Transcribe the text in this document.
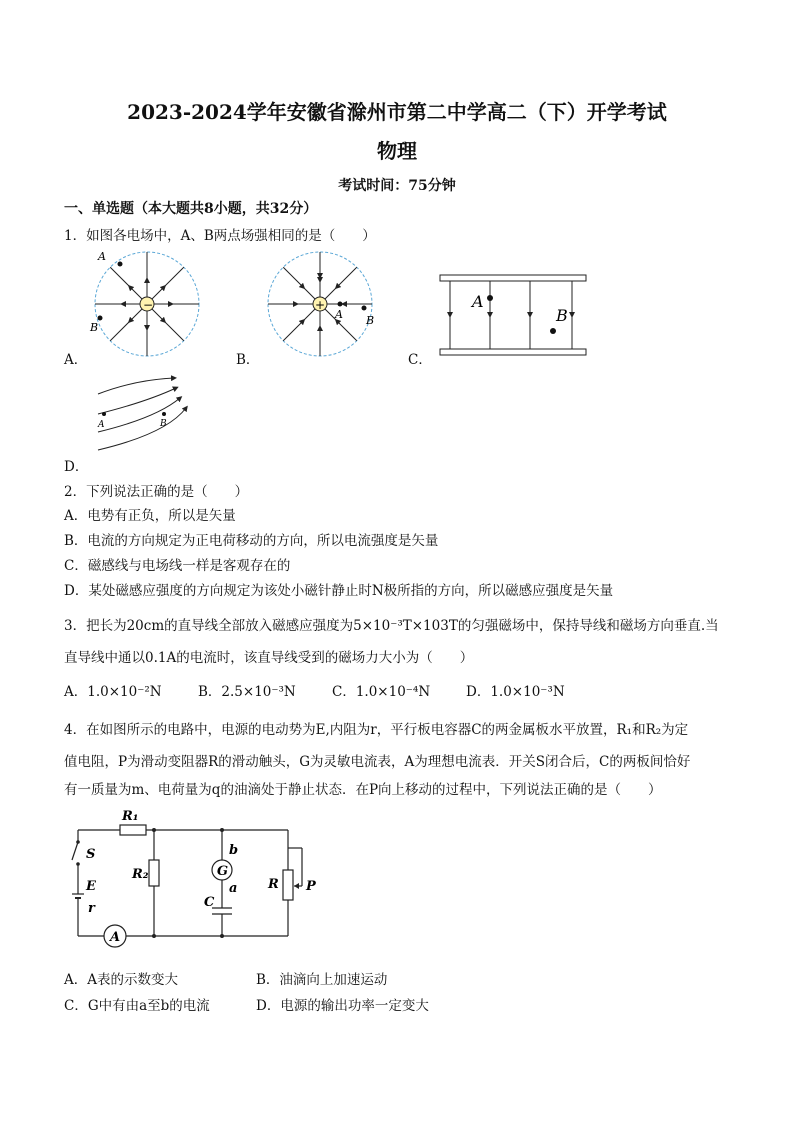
2023-2024学年安徽省滁州市第二中学高二（下）开学考试
物理
考试时间：75分钟
一、单选题（本大题共8小题，共32分）
1．如图各电场中，A、B两点场强相同的是（　　）
−
A
B
A．
+
A B
B．
A
B
C．
A	B
D．
2．下列说法正确的是（　　）
A．电势有正负，所以是矢量
B．电流的方向规定为正电荷移动的方向，所以电流强度是矢量
C．磁感线与电场线一样是客观存在的
D．某处磁感应强度的方向规定为该处小磁针静止时N极所指的方向，所以磁感应强度是矢量
3．把长为20cm的直导线全部放入磁感应强度为5×10⁻³T×103T的匀强磁场中，保持导线和磁场方向垂直.当
直导线中通以0.1A的电流时，该直导线受到的磁场力大小为（　　）
A．1.0×10⁻²N	B．2.5×10⁻³N	C．1.0×10⁻⁴N	D．1.0×10⁻³N
4．在如图所示的电路中，电源的电动势为E,内阻为r，平行板电容器C的两金属板水平放置，R₁和R₂为定
值电阻，P为滑动变阻器R的滑动触头，G为灵敏电流表，A为理想电流表．开关S闭合后，C的两板间恰好
有一质量为m、电荷量为q的油滴处于静止状态．在P向上移动的过程中，下列说法正确的是（　　）
R₁
S
E
r
A
R₂	G
b
a
C
R P
A．A表的示数变大	B．油滴向上加速运动
C．G中有由a至b的电流	D．电源的输出功率一定变大
